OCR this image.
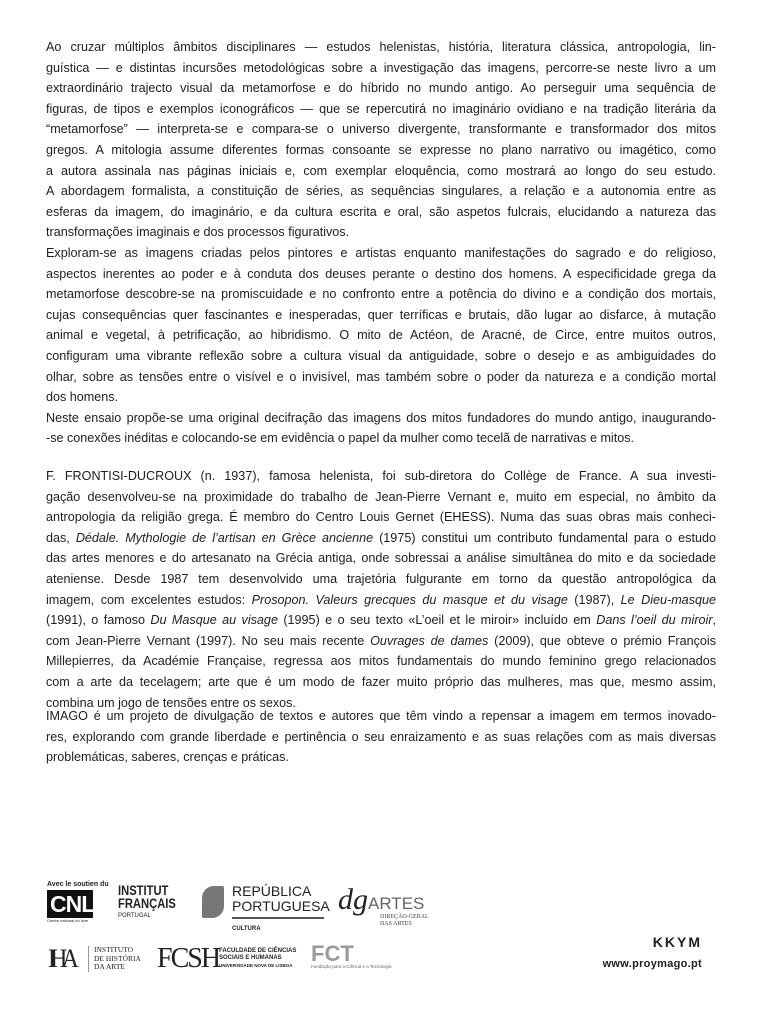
Ao cruzar múltiplos âmbitos disciplinares — estudos helenistas, história, literatura clássica, antropologia, lin-
guística — e distintas incursões metodológicas sobre a investigação das imagens, percorre-se neste livro a um
extraordinário trajecto visual da metamorfose e do híbrido no mundo antigo. Ao perseguir uma sequência de
figuras, de tipos e exemplos iconográficos — que se repercutirá no imaginário ovidiano e na tradição literária da
“metamorfose” — interpreta-se e compara-se o universo divergente, transformante e transformador dos mitos
gregos. A mitologia assume diferentes formas consoante se expresse no plano narrativo ou imagético, como
a autora assinala nas páginas iniciais e, com exemplar eloquência, como mostrará ao longo do seu estudo.
A abordagem formalista, a constituição de séries, as sequências singulares, a relação e a autonomia entre as
esferas da imagem, do imaginário, e da cultura escrita e oral, são aspetos fulcrais, elucidando a natureza das
transformações imaginais e dos processos figurativos.
Exploram-se as imagens criadas pelos pintores e artistas enquanto manifestações do sagrado e do religioso,
aspectos inerentes ao poder e à conduta dos deuses perante o destino dos homens. A especificidade grega da
metamorfose descobre-se na promiscuidade e no confronto entre a potência do divino e a condição dos mortais,
cujas consequências quer fascinantes e inesperadas, quer terríficas e brutais, dão lugar ao disfarce, à mutação
animal e vegetal, à petrificação, ao hibridismo. O mito de Actéon, de Aracné, de Circe, entre muitos outros,
configuram uma vibrante reflexão sobre a cultura visual da antiguidade, sobre o desejo e as ambiguidades do
olhar, sobre as tensões entre o visível e o invisível, mas também sobre o poder da natureza e a condição mortal
dos homens.
Neste ensaio propõe-se uma original decifração das imagens dos mitos fundadores do mundo antigo, inaugurando-
-se conexões inéditas e colocando-se em evidência o papel da mulher como tecelã de narrativas e mitos.
F. FRONTISI-DUCROUX (n. 1937), famosa helenista, foi sub-diretora do Collège de France. A sua investi-
gação desenvolveu-se na proximidade do trabalho de Jean-Pierre Vernant e, muito em especial, no âmbito da
antropologia da religião grega. É membro do Centro Louis Gernet (EHESS). Numa das suas obras mais conheci-
das, Dédale. Mythologie de l’artisan en Grèce ancienne (1975) constitui um contributo fundamental para o estudo
das artes menores e do artesanato na Grécia antiga, onde sobressai a análise simultânea do mito e da sociedade
ateniense. Desde 1987 tem desenvolvido uma trajetória fulgurante em torno da questão antropológica da
imagem, com excelentes estudos: Prosopon. Valeurs grecques du masque et du visage (1987), Le Dieu-masque
(1991), o famoso Du Masque au visage (1995) e o seu texto «L’oeil et le miroir» incluído em Dans l’oeil du miroir,
com Jean-Pierre Vernant (1997). No seu mais recente Ouvrages de dames (2009), que obteve o prémio François
Millepierres, da Académie Française, regressa aos mitos fundamentais do mundo feminino grego relacionados
com a arte da tecelagem; arte que é um modo de fazer muito próprio das mulheres, mas que, mesmo assim,
combina um jogo de tensões entre os sexos.
IMAGO é um projeto de divulgação de textos e autores que têm vindo a repensar a imagem em termos inovado-
res, explorando com grande liberdade e pertinência o seu enraizamento e as suas relações com as mais diversas
problemáticas, saberes, crenças e práticas.
Avec le soutien du
CNL
Centre national du livre
INSTITUT
FRANÇAIS
PORTUGAL
REPÚBLICA
PORTUGUESA
CULTURA
dgARTES
DIREÇÃO-GERAL
DAS ARTES
IHA	INSTITUTO
DE HISTÓRIA
DA ARTE	FCSH FACULDADE DE CIÊNCIAS
SOCIAIS E HUMANAS
UNIVERSIDADE NOVA DE LISBOA FCT
Fundação para a Ciência e a Tecnologia
KKYM
www.proymago.pt
